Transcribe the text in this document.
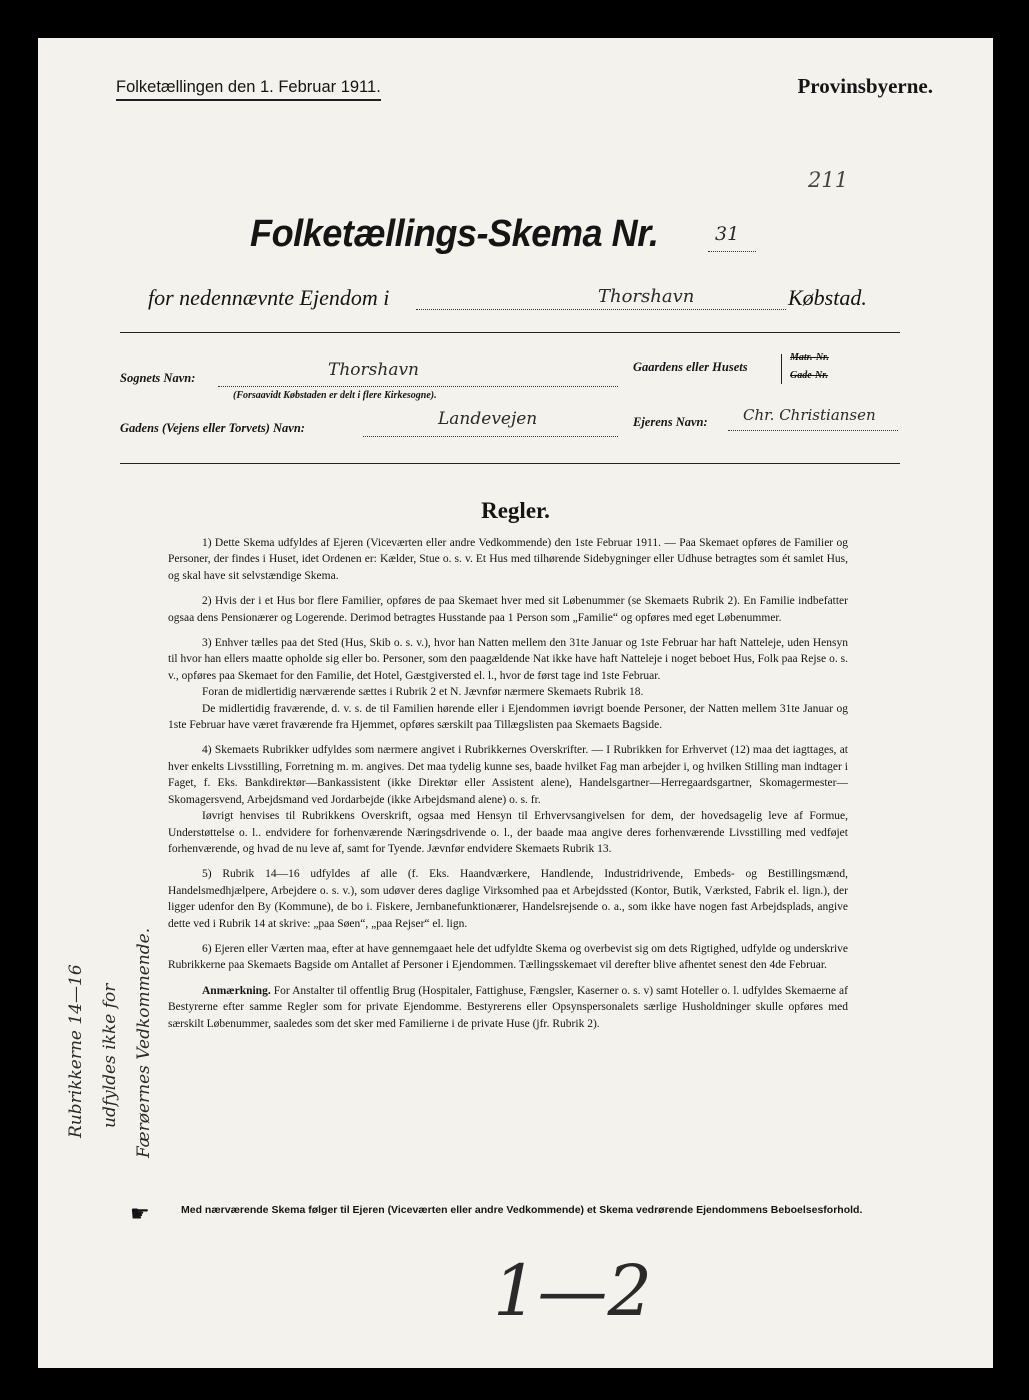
Folketællingen den 1. Februar 1911.	Provinsbyerne.
211
Folketællings-Skema Nr.	31
for nedennævnte Ejendom i	Thorshavn	Købstad.
Sognets Navn:	Thorshavn
(Forsaavidt Købstaden er delt i flere Kirkesogne).
Gaardens eller Husets
Matr.-Nr.
Gade-Nr.
Gadens (Vejens eller Torvets) Navn:	Landevejen	Ejerens Navn: Chr. Christiansen
Regler.

1) Dette Skema udfyldes af Ejeren (Viceværten eller andre Vedkommende) den 1ste Februar 1911. — Paa Skemaet opføres de Familier og Personer, der findes i Huset, idet Ordenen er: Kælder, Stue o. s. v. Et Hus med tilhørende Sidebygninger eller Udhuse betragtes som ét samlet Hus, og skal have sit selvstændige Skema.

2) Hvis der i et Hus bor flere Familier, opføres de paa Skemaet hver med sit Løbenummer (se Skemaets Rubrik 2). En Familie indbefatter ogsaa dens Pensionærer og Logerende. Derimod betragtes Husstande paa 1 Person som „Familie“ og opføres med eget Løbenummer.

3) Enhver tælles paa det Sted (Hus, Skib o. s. v.), hvor han Natten mellem den 31te Januar og 1ste Februar har haft Natteleje, uden Hensyn til hvor han ellers maatte opholde sig eller bo. Personer, som den paagældende Nat ikke have haft Natteleje i noget beboet Hus, Folk paa Rejse o. s. v., opføres paa Skemaet for den Familie, det Hotel, Gæstgiversted el. l., hvor de først tage ind 1ste Februar.

Foran de midlertidig nærværende sættes i Rubrik 2 et N. Jævnfør nærmere Skemaets Rubrik 18.

De midlertidig fraværende, d. v. s. de til Familien hørende eller i Ejendommen iøvrigt boende Personer, der Natten mellem 31te Januar og 1ste Februar have været fraværende fra Hjemmet, opføres særskilt paa Tillægslisten paa Skemaets Bagside.

4) Skemaets Rubrikker udfyldes som nærmere angivet i Rubrikkernes Overskrifter. — I Rubrikken for Erhvervet (12) maa det iagttages, at hver enkelts Livsstilling, Forretning m. m. angives. Det maa tydelig kunne ses, baade hvilket Fag man arbejder i, og hvilken Stilling man indtager i Faget, f. Eks. Bankdirektør—Bankassistent (ikke Direktør eller Assistent alene), Handelsgartner—Herregaardsgartner, Skomagermester—Skomagersvend, Arbejdsmand ved Jordarbejde (ikke Arbejdsmand alene) o. s. fr.

Iøvrigt henvises til Rubrikkens Overskrift, ogsaa med Hensyn til Erhvervsangivelsen for dem, der hovedsagelig leve af Formue, Understøttelse o. l.. endvidere for forhenværende Næringsdrivende o. l., der baade maa angive deres forhenværende Livsstilling med vedføjet forhenværende, og hvad de nu leve af, samt for Tyende. Jævnfør endvidere Skemaets Rubrik 13.

5) Rubrik 14—16 udfyldes af alle (f. Eks. Haandværkere, Handlende, Industridrivende, Embeds- og Bestillingsmænd, Handelsmedhjælpere, Arbejdere o. s. v.), som udøver deres daglige Virksomhed paa et Arbejdssted (Kontor, Butik, Værksted, Fabrik el. lign.), der ligger udenfor den By (Kommune), de bo i. Fiskere, Jernbanefunktionærer, Handelsrejsende o. a., som ikke have nogen fast Arbejdsplads, angive dette ved i Rubrik 14 at skrive: „paa Søen“, „paa Rejser“ el. lign.

6) Ejeren eller Værten maa, efter at have gennemgaaet hele det udfyldte Skema og overbevist sig om dets Rigtighed, udfylde og underskrive Rubrikkerne paa Skemaets Bagside om Antallet af Personer i Ejendommen. Tællingsskemaet vil derefter blive afhentet senest den 4de Februar.

Anmærkning. For Anstalter til offentlig Brug (Hospitaler, Fattighuse, Fængsler, Kaserner o. s. v) samt Hoteller o. l. udfyldes Skemaerne af Bestyrerne efter samme Regler som for private Ejendomme. Bestyrerens eller Opsynspersonalets særlige Husholdninger skulle opføres med særskilt Løbenummer, saaledes som det sker med Familierne i de private Huse (jfr. Rubrik 2).

Rubrikkerne 14—16 udfyldes ikke for Færøernes Vedkommende.
☛	Med nærværende Skema følger til Ejeren (Viceværten eller andre Vedkommende) et Skema vedrørende Ejendommens Beboelsesforhold.
1—2
